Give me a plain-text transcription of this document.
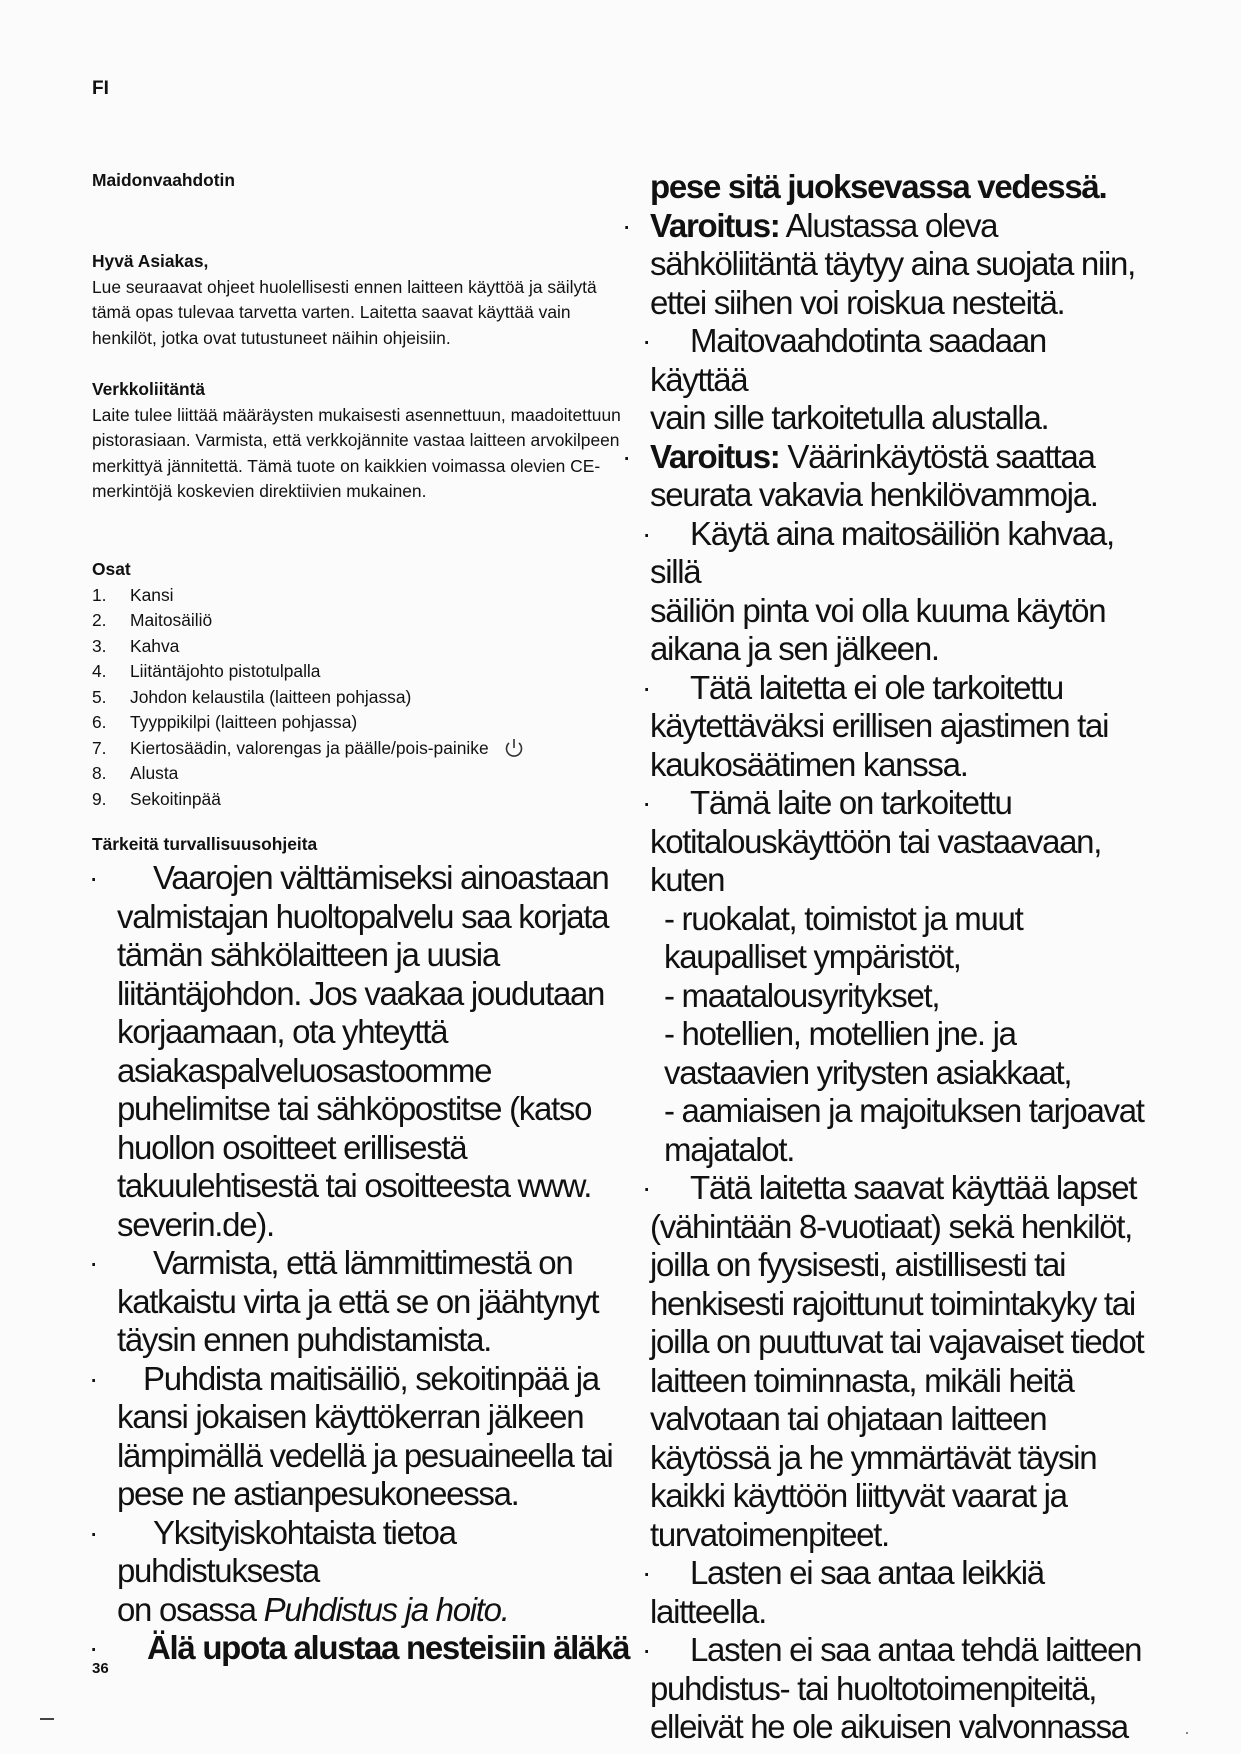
FI
Maidonvaahdotin
Hyvä Asiakas,

Lue seuraavat ohjeet huolellisesti ennen laitteen käyttöä ja säilytä tämä opas tulevaa tarvetta varten. Laitetta saavat käyttää vain henkilöt, jotka ovat tutustuneet näihin ohjeisiin.

Verkkoliitäntä

Laite tulee liittää määräysten mukaisesti asennettuun, maadoitettuun pistorasiaan. Varmista, että verkkojännite vastaa laitteen arvokilpeen merkittyä jännitettä. Tämä tuote on kaikkien voimassa olevien CE-merkintöjä koskevien direktiivien mukainen.

Osat
1.	Kansi
2.	Maitosäiliö
3.	Kahva
4.	Liitäntäjohto pistotulpalla
5.	Johdon kelaustila (laitteen pohjassa)
6.	Tyyppikilpi (laitteen pohjassa)
7.	Kiertosäädin, valorengas ja päälle/pois-painike
8.	Alusta
9.	Sekoitinpää
Tärkeitä turvallisuusohjeita
·	Vaarojen välttämiseksi ainoastaan

valmistajan huoltopalvelu saa korjata tämän sähkölaitteen ja uusia liitäntäjohdon. Jos vaakaa joudutaan korjaamaan, ota yhteyttä asiakaspalveluosastoomme puhelimitse tai sähköpostitse (katso huollon osoitteet erillisestä takuulehtisestä tai osoitteesta www. severin.de).

·	Varmista, että lämmittimestä on

katkaistu virta ja että se on jäähtynyt täysin ennen puhdistamista.

·	Puhdista maitisäiliö, sekoitinpää ja

kansi jokaisen käyttökerran jälkeen lämpimällä vedellä ja pesuaineella tai pese ne astianpesukoneessa.

·	Yksityiskohtaista tietoa puhdistuksesta

on osassa Puhdistus ja hoito.

·	Älä upota alustaa nesteisiin äläkä

pese sitä juoksevassa vedessä.

· Varoitus: Alustassa oleva

sähköliitäntä täytyy aina suojata niin, ettei siihen voi roiskua nesteitä.

·	Maitovaahdotinta saadaan käyttää

vain sille tarkoitetulla alustalla.

· Varoitus: Väärinkäytöstä saattaa

seurata vakavia henkilövammoja.

·	Käytä aina maitosäiliön kahvaa, sillä

säiliön pinta voi olla kuuma käytön aikana ja sen jälkeen.

·	Tätä laitetta ei ole tarkoitettu

käytettäväksi erillisen ajastimen tai kaukosäätimen kanssa.

·	Tämä laite on tarkoitettu

kotitalouskäyttöön tai vastaavaan, kuten

- ruokalat, toimistot ja muut kaupalliset ympäristöt,

- maatalousyritykset,

- hotellien, motellien jne. ja vastaavien yritysten asiakkaat,

- aamiaisen ja majoituksen tarjoavat majatalot.

·	Tätä laitetta saavat käyttää lapset

(vähintään 8-vuotiaat) sekä henkilöt, joilla on fyysisesti, aistillisesti tai henkisesti rajoittunut toimintakyky tai joilla on puuttuvat tai vajavaiset tiedot laitteen toiminnasta, mikäli heitä valvotaan tai ohjataan laitteen käytössä ja he ymmärtävät täysin kaikki käyttöön liittyvät vaarat ja turvatoimenpiteet.

·	Lasten ei saa antaa leikkiä laitteella.

·	Lasten ei saa antaa tehdä laitteen

puhdistus- tai huoltotoimenpiteitä, elleivät he ole aikuisen valvonnassa

36
